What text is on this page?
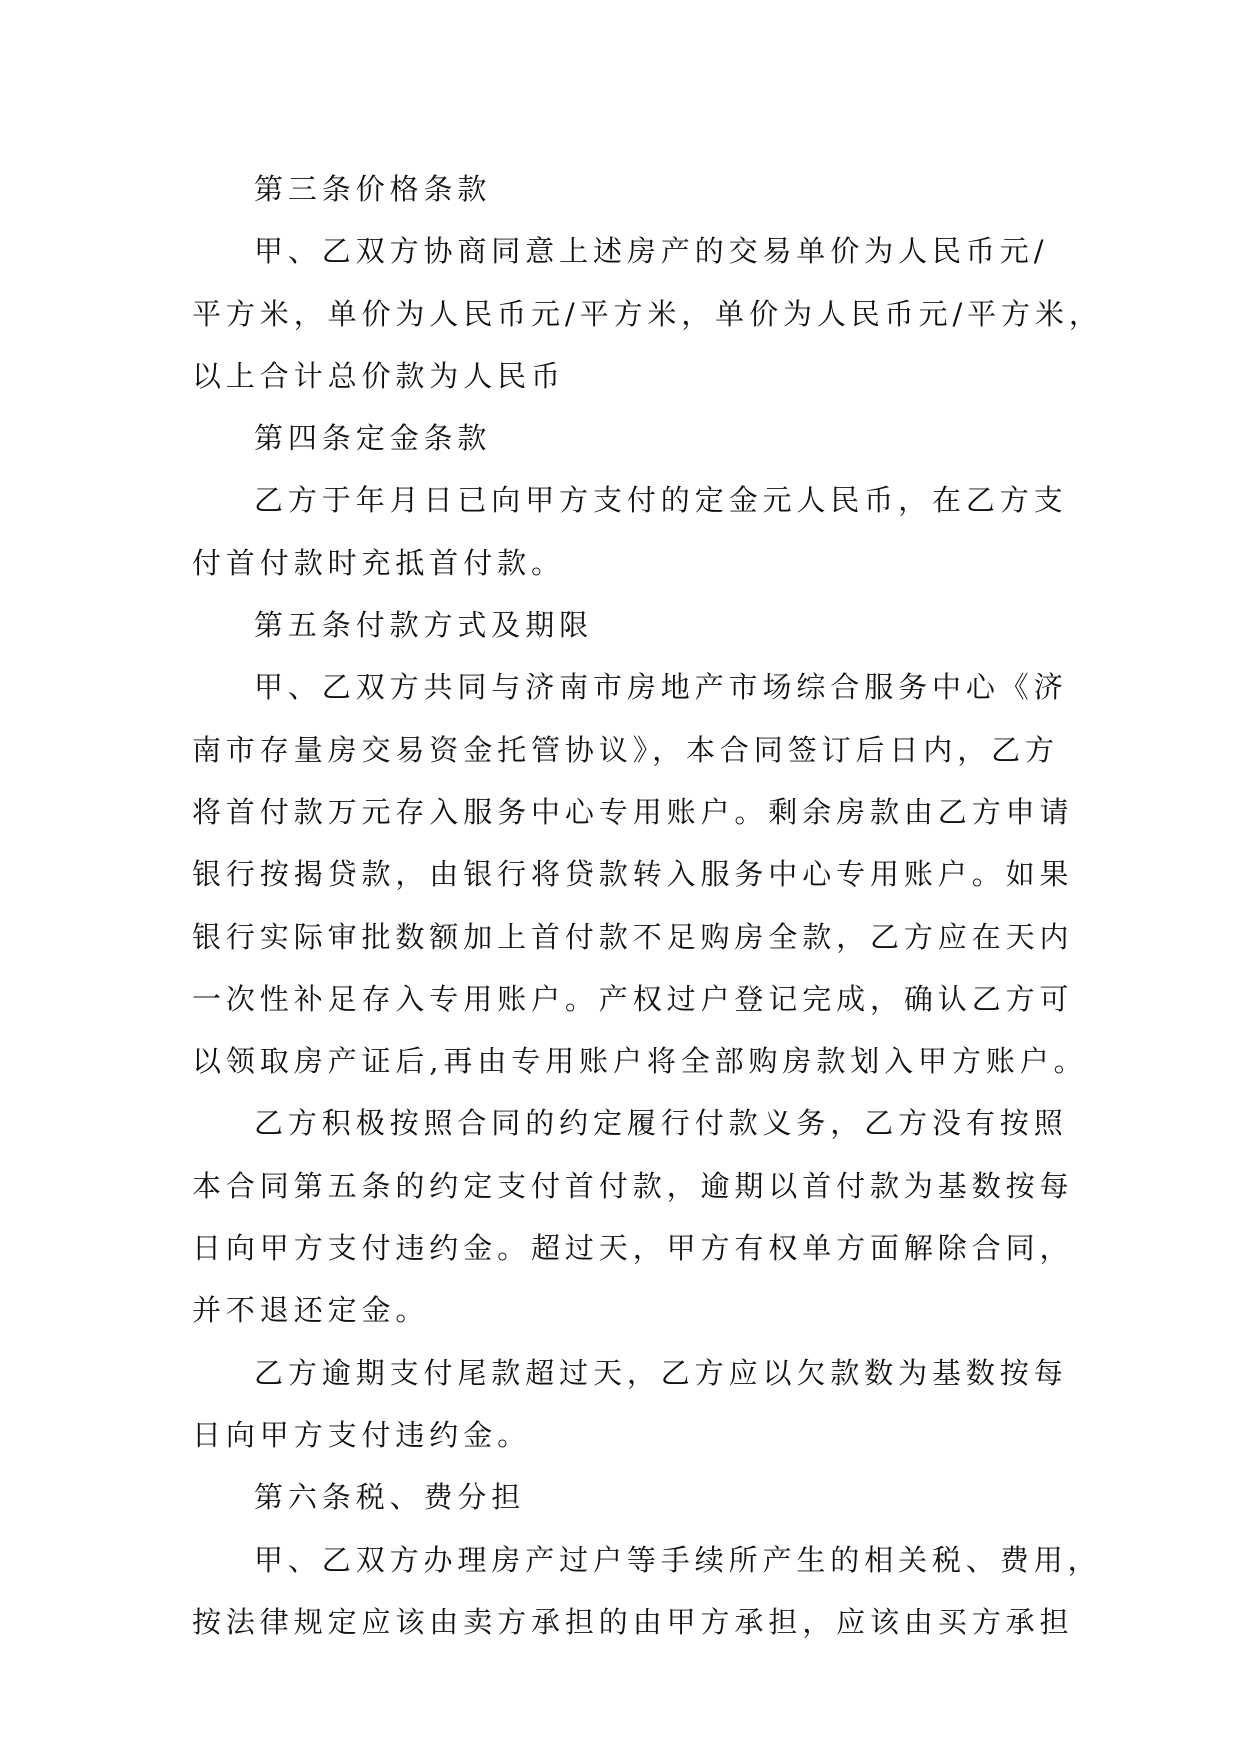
第三条价格条款
甲、乙双方协商同意上述房产的交易单价为人民币元/
平方米，单价为人民币元/平方米，单价为人民币元/平方米，
以上合计总价款为人民币
第四条定金条款
乙方于年月日已向甲方支付的定金元人民币，在乙方支
付首付款时充抵首付款。
第五条付款方式及期限
甲、乙双方共同与济南市房地产市场综合服务中心《济
南市存量房交易资金托管协议》，本合同签订后日内，乙方
将首付款万元存入服务中心专用账户。剩余房款由乙方申请
银行按揭贷款，由银行将贷款转入服务中心专用账户。如果
银行实际审批数额加上首付款不足购房全款，乙方应在天内
一次性补足存入专用账户。产权过户登记完成，确认乙方可
以领取房产证后,再由专用账户将全部购房款划入甲方账户。
乙方积极按照合同的约定履行付款义务，乙方没有按照
本合同第五条的约定支付首付款，逾期以首付款为基数按每
日向甲方支付违约金。超过天，甲方有权单方面解除合同，
并不退还定金。
乙方逾期支付尾款超过天，乙方应以欠款数为基数按每
日向甲方支付违约金。
第六条税、费分担
甲、乙双方办理房产过户等手续所产生的相关税、费用，
按法律规定应该由卖方承担的由甲方承担，应该由买方承担
